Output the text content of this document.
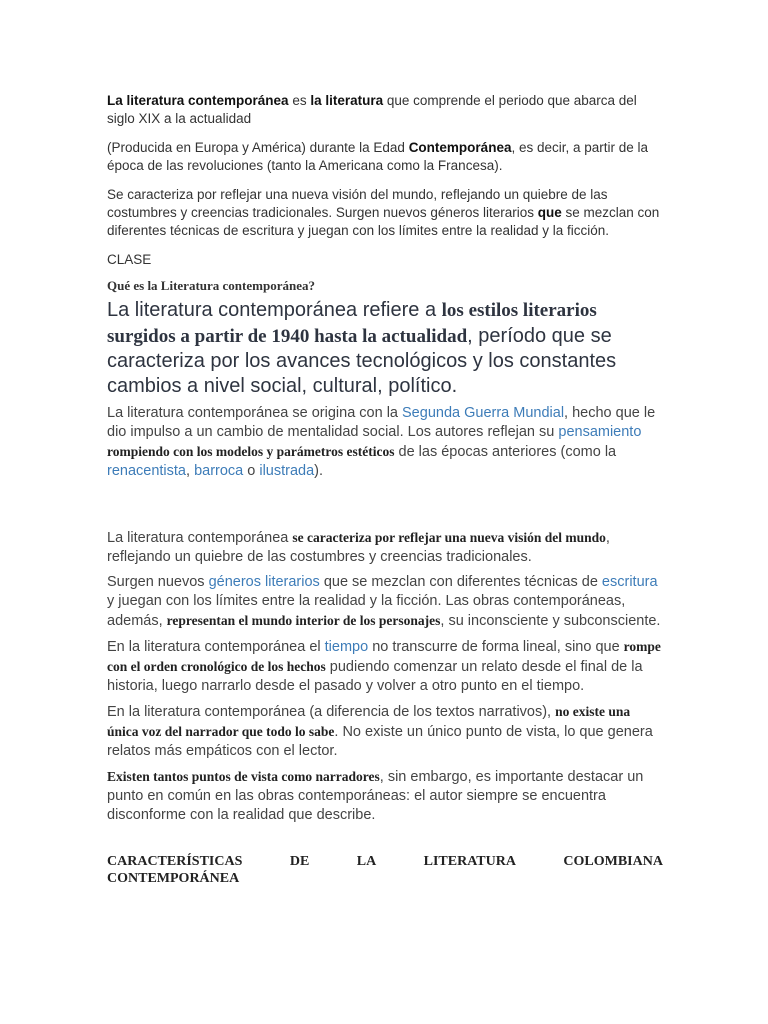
La literatura contemporánea es la literatura que comprende el periodo que abarca del siglo XIX a la actualidad

(Producida en Europa y América) durante la Edad Contemporánea, es decir, a partir de la época de las revoluciones (tanto la Americana como la Francesa).

Se caracteriza por reflejar una nueva visión del mundo, reflejando un quiebre de las costumbres y creencias tradicionales. Surgen nuevos géneros literarios que se mezclan con diferentes técnicas de escritura y juegan con los límites entre la realidad y la ficción.

CLASE

Qué es la Literatura contemporánea?

La literatura contemporánea refiere a los estilos literarios surgidos a partir de 1940 hasta la actualidad, período que se caracteriza por los avances tecnológicos y los constantes cambios a nivel social, cultural, político.

La literatura contemporánea se origina con la Segunda Guerra Mundial, hecho que le dio impulso a un cambio de mentalidad social. Los autores reflejan su pensamiento rompiendo con los modelos y parámetros estéticos de las épocas anteriores (como la renacentista, barroca o ilustrada).

La literatura contemporánea se caracteriza por reflejar una nueva visión del mundo, reflejando un quiebre de las costumbres y creencias tradicionales.

Surgen nuevos géneros literarios que se mezclan con diferentes técnicas de escritura y juegan con los límites entre la realidad y la ficción. Las obras contemporáneas, además, representan el mundo interior de los personajes, su inconsciente y subconsciente.

En la literatura contemporánea el tiempo no transcurre de forma lineal, sino que rompe con el orden cronológico de los hechos pudiendo comenzar un relato desde el final de la historia, luego narrarlo desde el pasado y volver a otro punto en el tiempo.

En la literatura contemporánea (a diferencia de los textos narrativos), no existe una única voz del narrador que todo lo sabe. No existe un único punto de vista, lo que genera relatos más empáticos con el lector.

Existen tantos puntos de vista como narradores, sin embargo, es importante destacar un punto en común en las obras contemporáneas: el autor siempre se encuentra disconforme con la realidad que describe.

CARACTERÍSTICAS	DE	LA	LITERATURA	COLOMBIANA
CONTEMPORÁNEA
